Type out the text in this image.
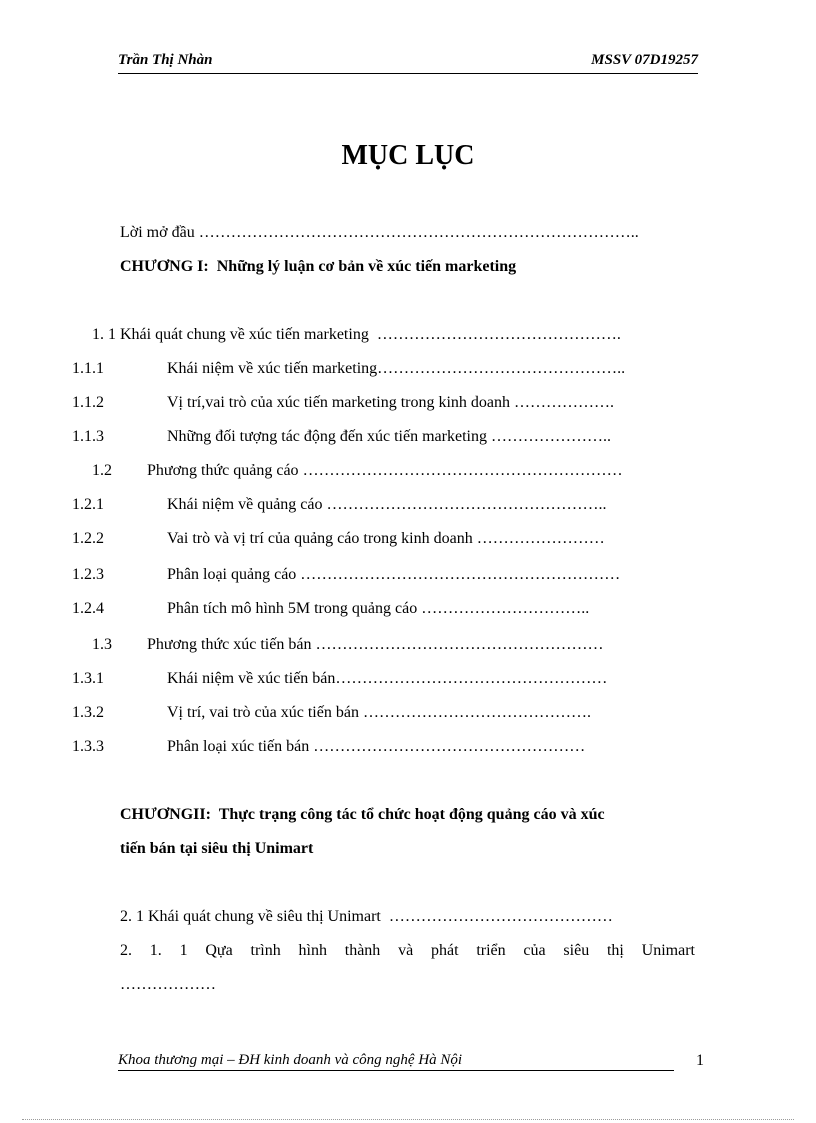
Trần Thị Nhàn	MSSV 07D19257
MỤC LỤC
Lời mở đầu ………………………………………………………………………..
CHƯƠNG I: Những lý luận cơ bản về xúc tiến marketing
1. 1 Khái quát chung về xúc tiến marketing ……………………………………….
1.1.1	Khái niệm về xúc tiến marketing………………………………………..
1.1.2	Vị trí,vai trò của xúc tiến marketing trong kinh doanh ……………….
1.1.3	Những đối tượng tác động đến xúc tiến marketing …………………..
1.2 Phương thức quảng cáo ……………………………………………………
1.2.1	Khái niệm về quảng cáo ……………………………………………..
1.2.2	Vai trò và vị trí của quảng cáo trong kinh doanh ……………………
1.2.3	Phân loại quảng cáo ……………………………………………………
1.2.4	Phân tích mô hình 5M trong quảng cáo …………………………..
1.3 Phương thức xúc tiến bán ………………………………………………
1.3.1	Khái niệm về xúc tiến bán……………………………………………
1.3.2	Vị trí, vai trò của xúc tiến bán …………………………………….
1.3.3	Phân loại xúc tiến bán ……………………………………………
CHƯƠNGII: Thực trạng công tác tổ chức hoạt động quảng cáo và xúc
tiến bán tại siêu thị Unimart
2. 1 Khái quát chung về siêu thị Unimart ……………………………………
2. 1. 1 Qựa trình hình thành và phát triển của siêu thị Unimart
………………
Khoa thương mại – ĐH kinh doanh và công nghệ Hà Nội	1
